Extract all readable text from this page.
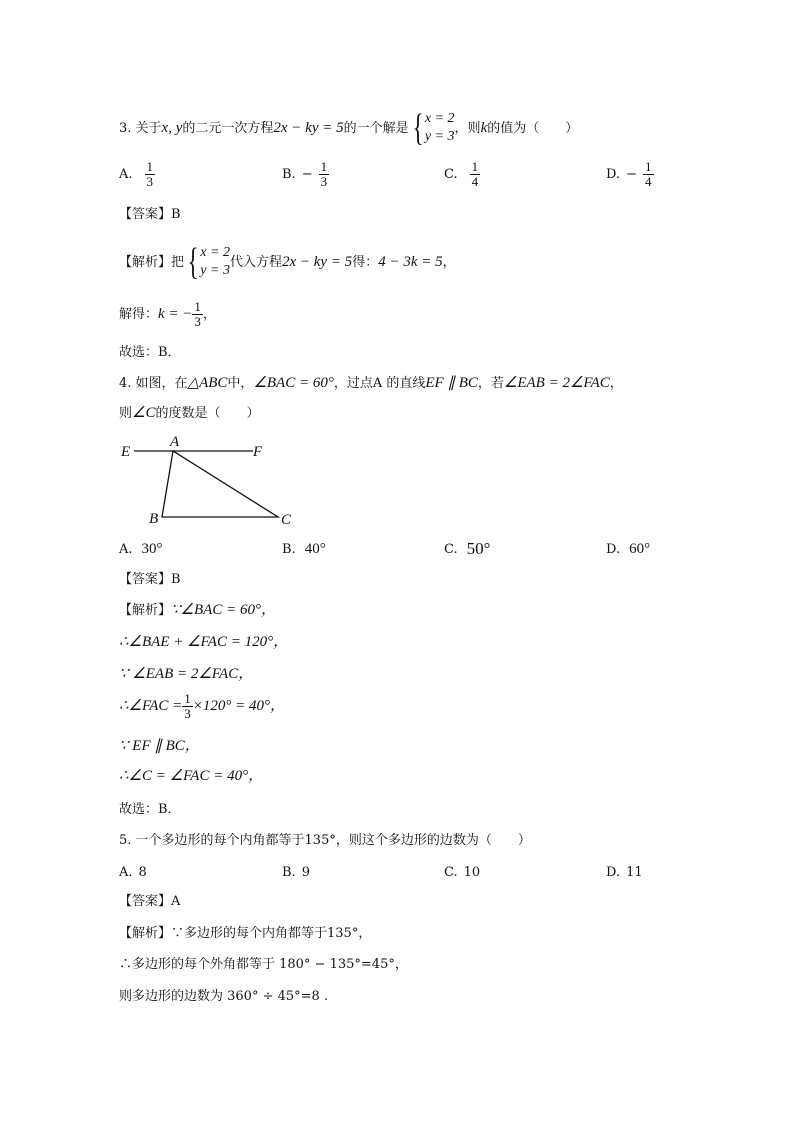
3. 关于 x, y 的二元一次方程 2x − ky = 5 的一个解是 { x = 2
y = 3
，则 k 的值为（　　）
A. $\frac{1}{3}$	B. − $\frac{1}{3}$	C. $\frac{1}{4}$	D. − $\frac{1}{4}$
【答案】B
【解析】 把 { x = 2
y = 3
代入方程 2x − ky = 5 得： 4 − 3k = 5 ，
解得： k = − $\frac{1}{3}$ ，
故选：B．
4. 如图，在 △ABC 中， ∠BAC = 60° ，过点A 的直线 EF ∥ BC ，若 ∠EAB = 2∠FAC ，
则 ∠C 的度数是（　　）
E
A
F
B	C
A. 30°	B. 40°	C. 50°	D. 60°
【答案】B
【解析】 ∵∠BAC = 60°，
∴∠BAE + ∠FAC = 120°，
∵ ∠EAB = 2∠FAC，
∴∠FAC = $\frac{1}{3} \times 120^\circ = 40^\circ$，
∵ EF ∥ BC，
∴∠C = ∠FAC = 40°，
故选：B．
5. 一个多边形的每个内角都等于135°，则这个多边形的边数为（　　）
A. 8	B. 9	C. 10	D. 11
【答案】A
【解析】 ∵多边形的每个内角都等于135°，
∴多边形的每个外角都等于 180° − 135°=45°，
则多边形的边数为 360° ÷ 45°=8 .
